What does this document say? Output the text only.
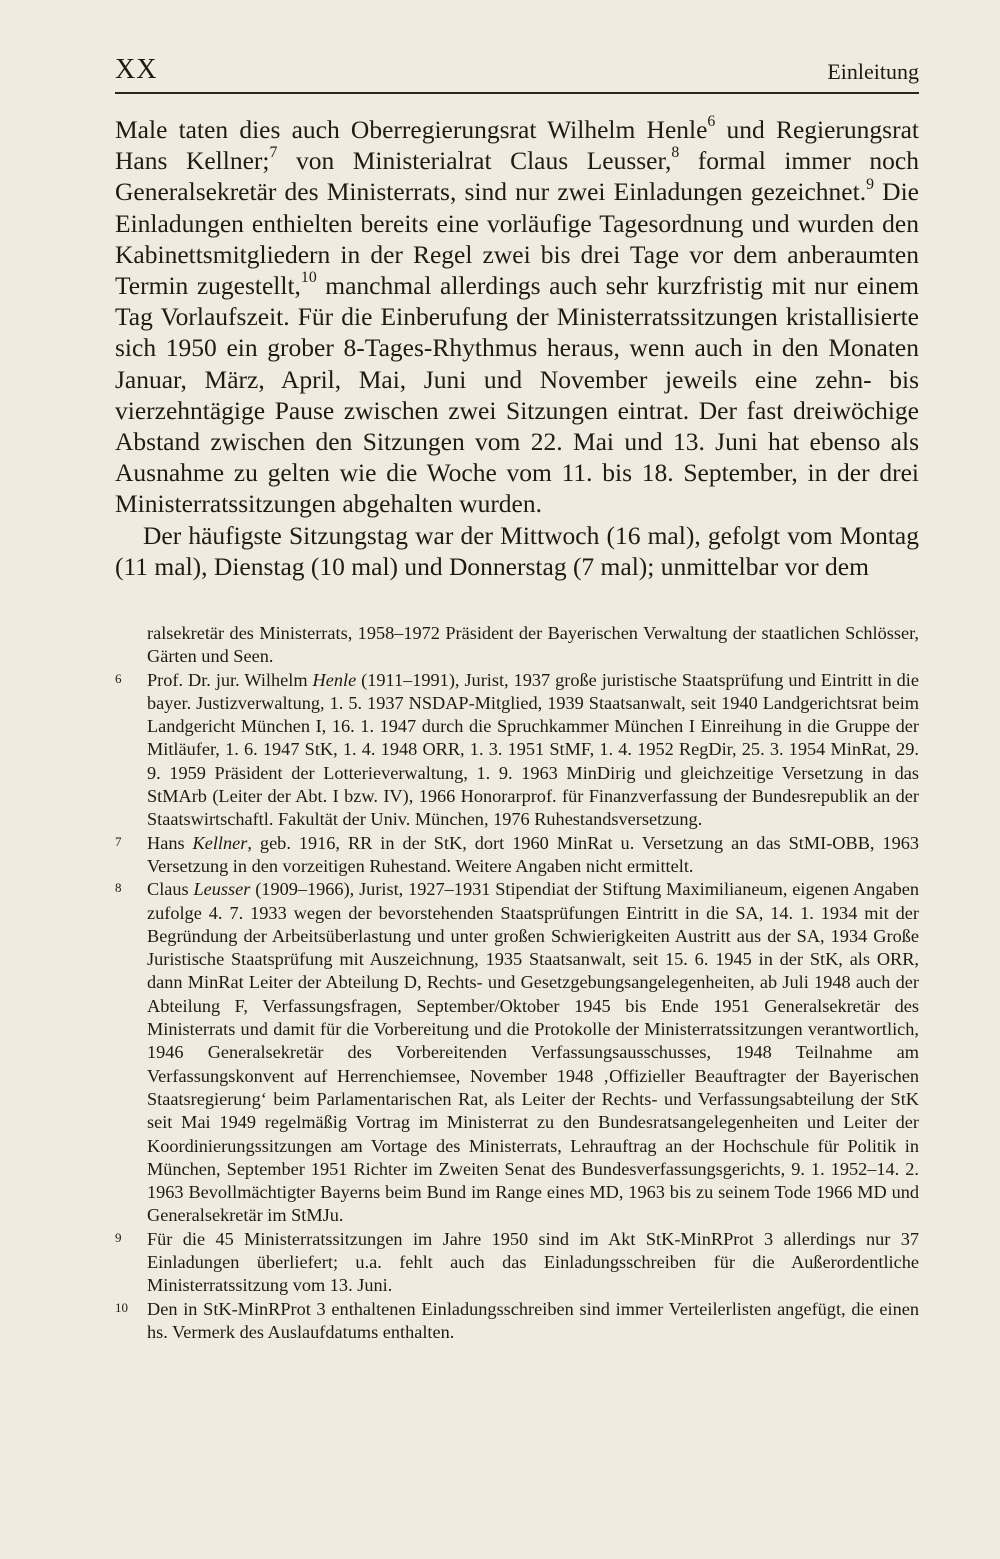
XX	Einleitung

Male taten dies auch Oberregierungsrat Wilhelm Henle$^6$ und Regierungsrat Hans Kellner;$^7$ von Ministerialrat Claus Leusser,$^8$ formal immer noch Generalsekretär des Ministerrats, sind nur zwei Einladungen gezeichnet.$^9$ Die Einladungen enthielten bereits eine vorläufige Tagesordnung und wurden den Kabinettsmitgliedern in der Regel zwei bis drei Tage vor dem anberaumten Termin zugestellt,$^{10}$ manchmal allerdings auch sehr kurzfristig mit nur einem Tag Vorlaufszeit. Für die Einberufung der Ministerratssitzungen kristallisierte sich 1950 ein grober 8-Tages-Rhythmus heraus, wenn auch in den Monaten Januar, März, April, Mai, Juni und November jeweils eine zehn- bis vierzehntägige Pause zwischen zwei Sitzungen eintrat. Der fast dreiwöchige Abstand zwischen den Sitzungen vom 22. Mai und 13. Juni hat ebenso als Ausnahme zu gelten wie die Woche vom 11. bis 18. September, in der drei Ministerratssitzungen abgehalten wurden.

Der häufigste Sitzungstag war der Mittwoch (16 mal), gefolgt vom Montag (11 mal), Dienstag (10 mal) und Donnerstag (7 mal); unmittelbar vor dem

ralsekretär des Ministerrats, 1958–1972 Präsident der Bayerischen Verwaltung der staatlichen Schlösser, Gärten und Seen.

6 Prof. Dr. jur. Wilhelm Henle (1911–1991), Jurist, 1937 große juristische Staatsprüfung und Eintritt in die bayer. Justizverwaltung, 1. 5. 1937 NSDAP-Mitglied, 1939 Staatsanwalt, seit 1940 Landgerichtsrat beim Landgericht München I, 16. 1. 1947 durch die Spruchkammer München I Einreihung in die Gruppe der Mitläufer, 1. 6. 1947 StK, 1. 4. 1948 ORR, 1. 3. 1951 StMF, 1. 4. 1952 RegDir, 25. 3. 1954 MinRat, 29. 9. 1959 Präsident der Lotterieverwaltung, 1. 9. 1963 MinDirig und gleichzeitige Versetzung in das StMArb (Leiter der Abt. I bzw. IV), 1966 Honorarprof. für Finanzverfassung der Bundesrepublik an der Staatswirtschaftl. Fakultät der Univ. München, 1976 Ruhestandsversetzung.

7 Hans Kellner, geb. 1916, RR in der StK, dort 1960 MinRat u. Versetzung an das StMI-OBB, 1963 Versetzung in den vorzeitigen Ruhestand. Weitere Angaben nicht ermittelt.

8 Claus Leusser (1909–1966), Jurist, 1927–1931 Stipendiat der Stiftung Maximilianeum, eigenen Angaben zufolge 4. 7. 1933 wegen der bevorstehenden Staatsprüfungen Eintritt in die SA, 14. 1. 1934 mit der Begründung der Arbeitsüberlastung und unter großen Schwierigkeiten Austritt aus der SA, 1934 Große Juristische Staatsprüfung mit Auszeichnung, 1935 Staatsanwalt, seit 15. 6. 1945 in der StK, als ORR, dann MinRat Leiter der Abteilung D, Rechts- und Gesetzgebungsangelegenheiten, ab Juli 1948 auch der Abteilung F, Verfassungsfragen, September/Oktober 1945 bis Ende 1951 Generalsekretär des Ministerrats und damit für die Vorbereitung und die Protokolle der Ministerratssitzungen verantwortlich, 1946 Generalsekretär des Vorbereitenden Verfassungsausschusses, 1948 Teilnahme am Verfassungskonvent auf Herrenchiemsee, November 1948 ‚Offizieller Beauftragter der Bayerischen Staatsregierung‘ beim Parlamentarischen Rat, als Leiter der Rechts- und Verfassungsabteilung der StK seit Mai 1949 regelmäßig Vortrag im Ministerrat zu den Bundesratsangelegenheiten und Leiter der Koordinierungssitzungen am Vortage des Ministerrats, Lehrauftrag an der Hochschule für Politik in München, September 1951 Richter im Zweiten Senat des Bundesverfassungsgerichts, 9. 1. 1952–14. 2. 1963 Bevollmächtigter Bayerns beim Bund im Range eines MD, 1963 bis zu seinem Tode 1966 MD und Generalsekretär im StMJu.

9 Für die 45 Ministerratssitzungen im Jahre 1950 sind im Akt StK-MinRProt 3 allerdings nur 37 Einladungen überliefert; u.a. fehlt auch das Einladungsschreiben für die Außerordentliche Ministerratssitzung vom 13. Juni.

10 Den in StK-MinRProt 3 enthaltenen Einladungsschreiben sind immer Verteilerlisten angefügt, die einen hs. Vermerk des Auslaufdatums enthalten.
